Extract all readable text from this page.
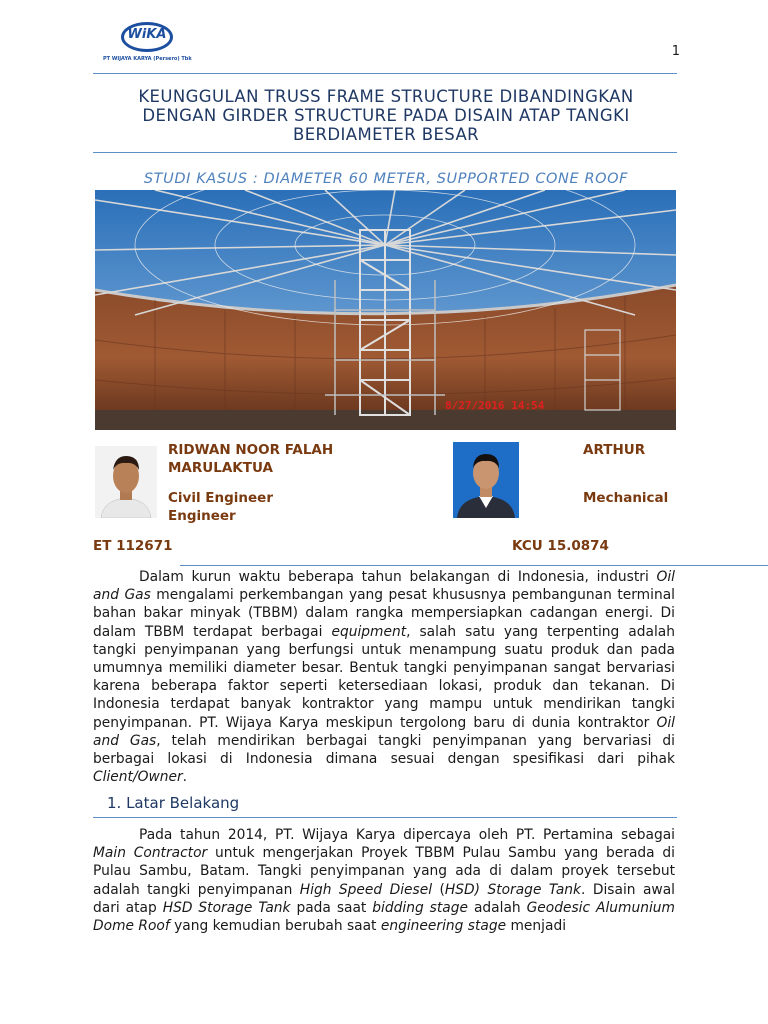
WiKA
PT WIJAYA KARYA (Persero) Tbk	1
KEUNGGULAN TRUSS FRAME STRUCTURE DIBANDINGKAN
DENGAN GIRDER STRUCTURE PADA DISAIN ATAP TANGKI
BERDIAMETER BESAR
STUDI KASUS : DIAMETER 60 METER, SUPPORTED CONE ROOF
8/27/2016 14:54
RIDWAN NOOR FALAH	ARTHUR
MARULAKTUA
Civil Engineer	Mechanical
Engineer
ET 112671	KCU 15.0874
Dalam kurun waktu beberapa tahun belakangan di Indonesia, industri Oil and Gas mengalami perkembangan yang pesat khususnya pembangunan terminal bahan bakar minyak (TBBM) dalam rangka mempersiapkan cadangan energi. Di dalam TBBM terdapat berbagai equipment, salah satu yang terpenting adalah tangki penyimpanan yang berfungsi untuk menampung suatu produk dan pada umumnya memiliki diameter besar. Bentuk tangki penyimpanan sangat bervariasi karena beberapa faktor seperti ketersediaan lokasi, produk dan tekanan. Di Indonesia terdapat banyak kontraktor yang mampu untuk mendirikan tangki penyimpanan. PT. Wijaya Karya meskipun tergolong baru di dunia kontraktor Oil and Gas, telah mendirikan berbagai tangki penyimpanan yang bervariasi di berbagai lokasi di Indonesia dimana sesuai dengan spesifikasi dari pihak Client/Owner.
1. Latar Belakang
Pada tahun 2014, PT. Wijaya Karya dipercaya oleh PT. Pertamina sebagai Main Contractor untuk mengerjakan Proyek TBBM Pulau Sambu yang berada di Pulau Sambu, Batam. Tangki penyimpanan yang ada di dalam proyek tersebut adalah tangki penyimpanan High Speed Diesel (HSD) Storage Tank. Disain awal dari atap HSD Storage Tank pada saat bidding stage adalah Geodesic Alumunium Dome Roof yang kemudian berubah saat engineering stage menjadi
